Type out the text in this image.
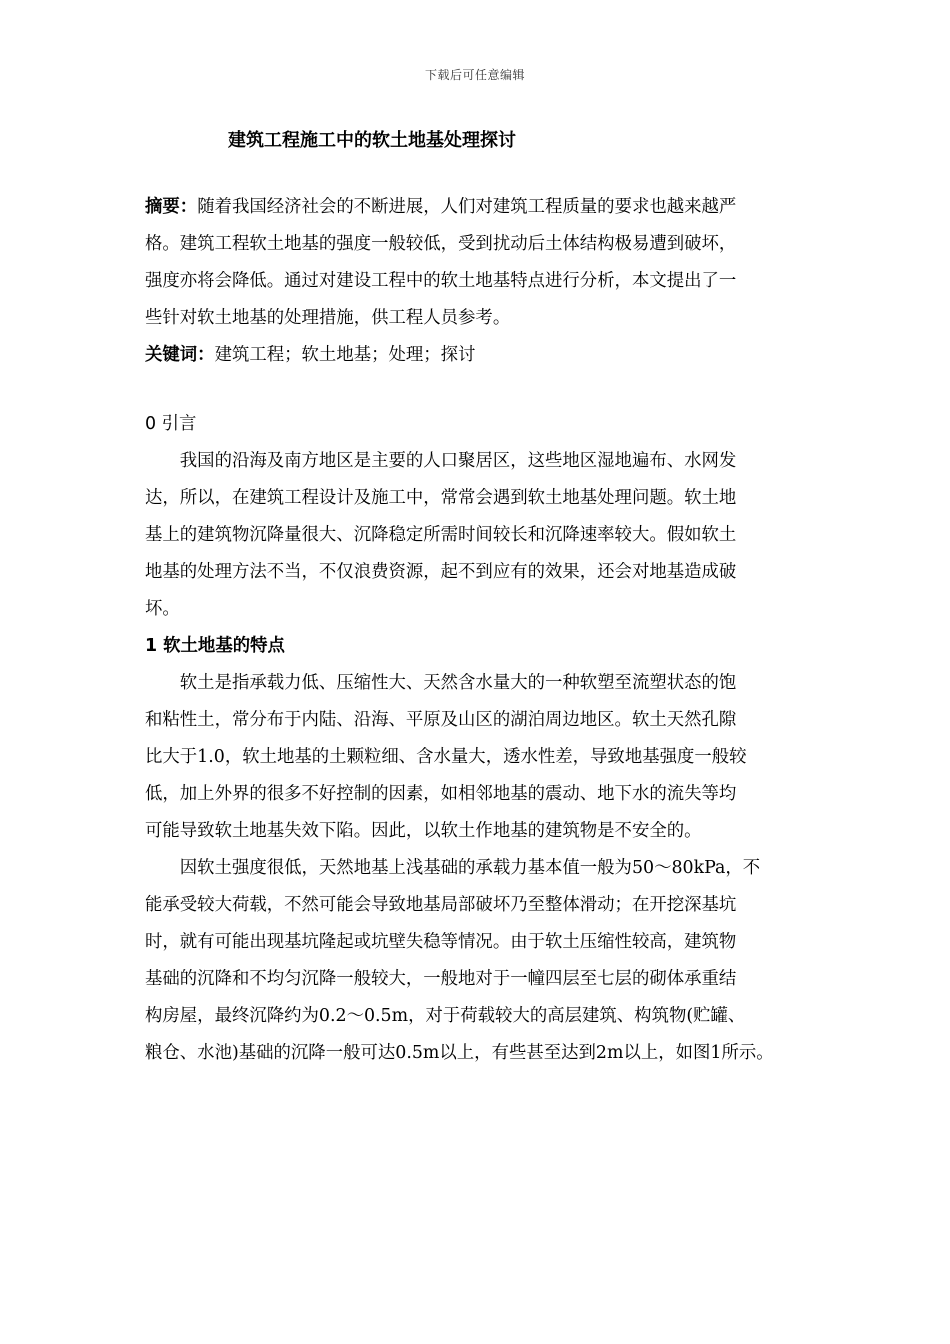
下载后可任意编辑
建筑工程施工中的软土地基处理探讨
摘要：随着我国经济社会的不断进展，人们对建筑工程质量的要求也越来越严
格。建筑工程软土地基的强度一般较低，受到扰动后土体结构极易遭到破坏，
强度亦将会降低。通过对建设工程中的软土地基特点进行分析，本文提出了一
些针对软土地基的处理措施，供工程人员参考。
关键词：建筑工程；软土地基；处理；探讨
0 引言
　　我国的沿海及南方地区是主要的人口聚居区，这些地区湿地遍布、水网发
达，所以，在建筑工程设计及施工中，常常会遇到软土地基处理问题。软土地
基上的建筑物沉降量很大、沉降稳定所需时间较长和沉降速率较大。假如软土
地基的处理方法不当，不仅浪费资源，起不到应有的效果，还会对地基造成破
坏。
1 软土地基的特点
　　软土是指承载力低、压缩性大、天然含水量大的一种软塑至流塑状态的饱
和粘性土，常分布于内陆、沿海、平原及山区的湖泊周边地区。软土天然孔隙
比大于1.0，软土地基的土颗粒细、含水量大，透水性差，导致地基强度一般较
低，加上外界的很多不好控制的因素，如相邻地基的震动、地下水的流失等均
可能导致软土地基失效下陷。因此，以软土作地基的建筑物是不安全的。
　　因软土强度很低，天然地基上浅基础的承载力基本值一般为50～80kPa，不
能承受较大荷载，不然可能会导致地基局部破坏乃至整体滑动；在开挖深基坑
时，就有可能出现基坑隆起或坑壁失稳等情况。由于软土压缩性较高，建筑物
基础的沉降和不均匀沉降一般较大，一般地对于一幢四层至七层的砌体承重结
构房屋，最终沉降约为0.2～0.5m，对于荷载较大的高层建筑、构筑物(贮罐、
粮仓、水池)基础的沉降一般可达0.5m以上，有些甚至达到2m以上，如图1所示。
